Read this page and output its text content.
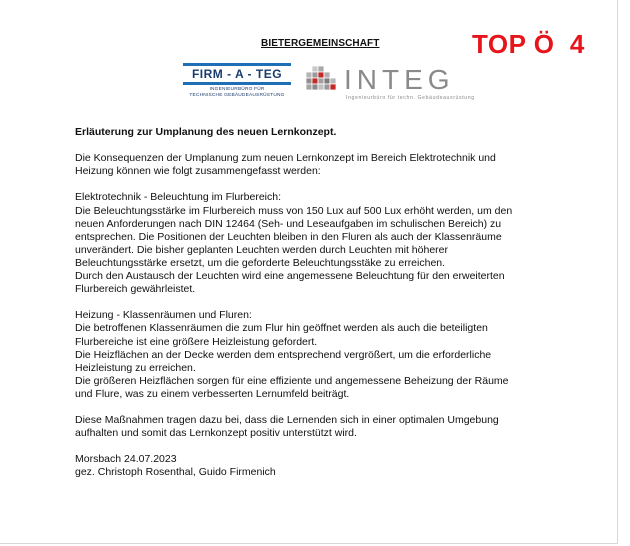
BIETERGEMEINSCHAFT	TOP Ö  4
FIRM - A - TEG
INGENIEURBÜRO FÜR
TECHNISCHE GEBÄUDEAUSRÜSTUNG
INTEG
Ingenieurbüro für techn. Gebäudeausrüstung
Erläuterung zur Umplanung des neuen Lernkonzept.

Die Konsequenzen der Umplanung zum neuen Lernkonzept im Bereich Elektrotechnik und

Heizung können wie folgt zusammengefasst werden:

Elektrotechnik - Beleuchtung im Flurbereich:

Die Beleuchtungsstärke im Flurbereich muss von 150 Lux auf 500 Lux erhöht werden, um den

neuen Anforderungen nach DIN 12464 (Seh- und Leseaufgaben im schulischen Bereich) zu

entsprechen. Die Positionen der Leuchten bleiben in den Fluren als auch der Klassenräume

unverändert. Die bisher geplanten Leuchten werden durch Leuchten mit höherer

Beleuchtungsstärke ersetzt, um die geforderte Beleuchtungsstäke zu erreichen.

Durch den Austausch der Leuchten wird eine angemessene Beleuchtung für den erweiterten

Flurbereich gewährleistet.

Heizung - Klassenräumen und Fluren:

Die betroffenen Klassenräumen die zum Flur hin geöffnet werden als auch die beteiligten

Flurbereiche ist eine größere Heizleistung gefordert.

Die Heizflächen an der Decke werden dem entsprechend vergrößert, um die erforderliche

Heizleistung zu erreichen.

Die größeren Heizflächen sorgen für eine effiziente und angemessene Beheizung der Räume

und Flure, was zu einem verbesserten Lernumfeld beiträgt.

Diese Maßnahmen tragen dazu bei, dass die Lernenden sich in einer optimalen Umgebung

aufhalten und somit das Lernkonzept positiv unterstützt wird.

Morsbach 24.07.2023

gez. Christoph Rosenthal, Guido Firmenich
